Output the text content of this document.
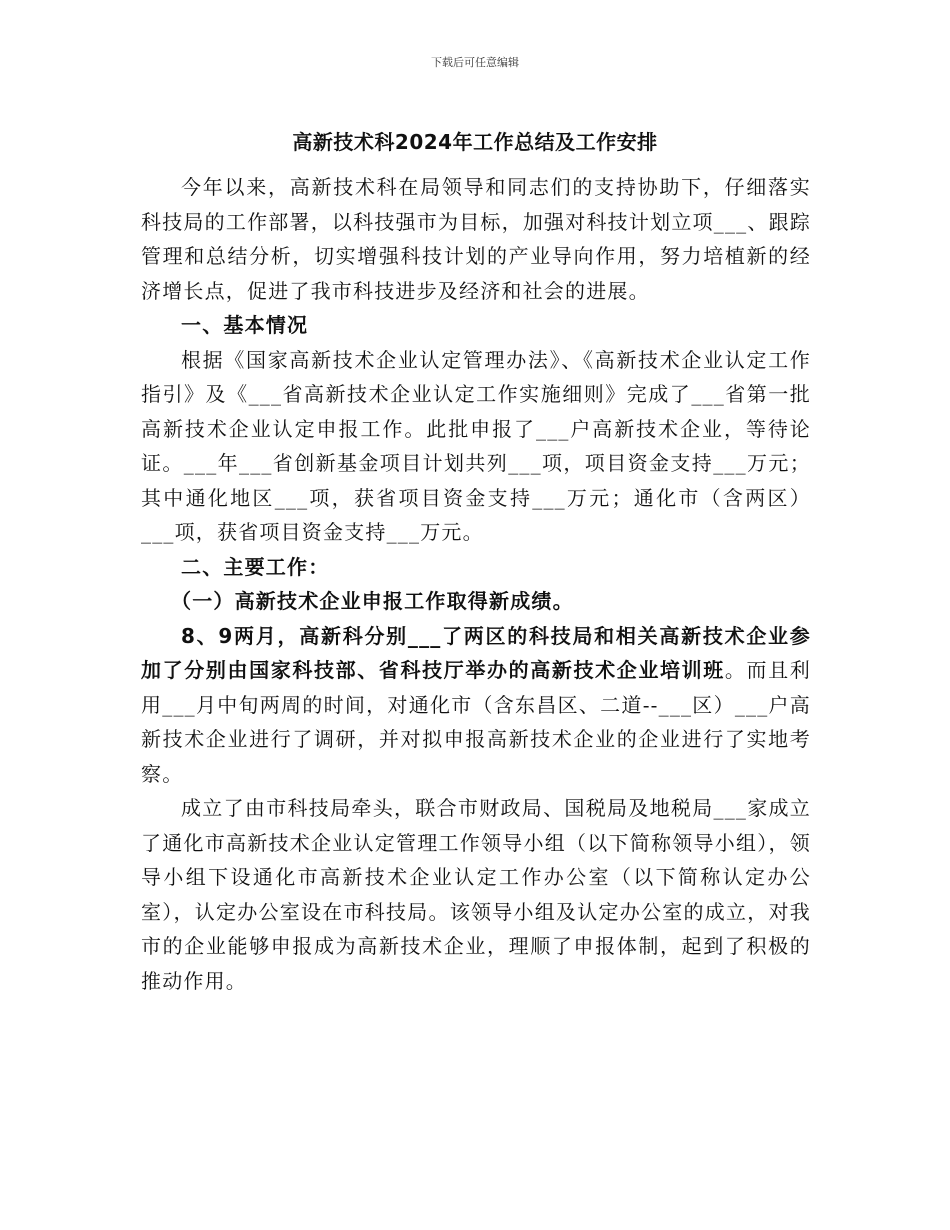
下载后可任意编辑
高新技术科2024年工作总结及工作安排

今年以来，高新技术科在局领导和同志们的支持协助下，仔细落实科技局的工作部署，以科技强市为目标，加强对科技计划立项___、跟踪管理和总结分析，切实增强科技计划的产业导向作用，努力培植新的经济增长点，促进了我市科技进步及经济和社会的进展。

一、基本情况

根据《国家高新技术企业认定管理办法》、《高新技术企业认定工作指引》及《___省高新技术企业认定工作实施细则》完成了___省第一批高新技术企业认定申报工作。此批申报了___户高新技术企业，等待论证。___年___省创新基金项目计划共列___项，项目资金支持___万元；其中通化地区___项，获省项目资金支持___万元；通化市（含两区）___项，获省项目资金支持___万元。

二、主要工作：
（一）高新技术企业申报工作取得新成绩。

8、9两月，高新科分别___了两区的科技局和相关高新技术企业参加了分别由国家科技部、省科技厅举办的高新技术企业培训班。而且利用___月中旬两周的时间，对通化市（含东昌区、二道--___区）___户高新技术企业进行了调研，并对拟申报高新技术企业的企业进行了实地考察。

成立了由市科技局牵头，联合市财政局、国税局及地税局___家成立了通化市高新技术企业认定管理工作领导小组（以下简称领导小组），领导小组下设通化市高新技术企业认定工作办公室（以下简称认定办公室），认定办公室设在市科技局。该领导小组及认定办公室的成立，对我市的企业能够申报成为高新技术企业，理顺了申报体制，起到了积极的推动作用。
